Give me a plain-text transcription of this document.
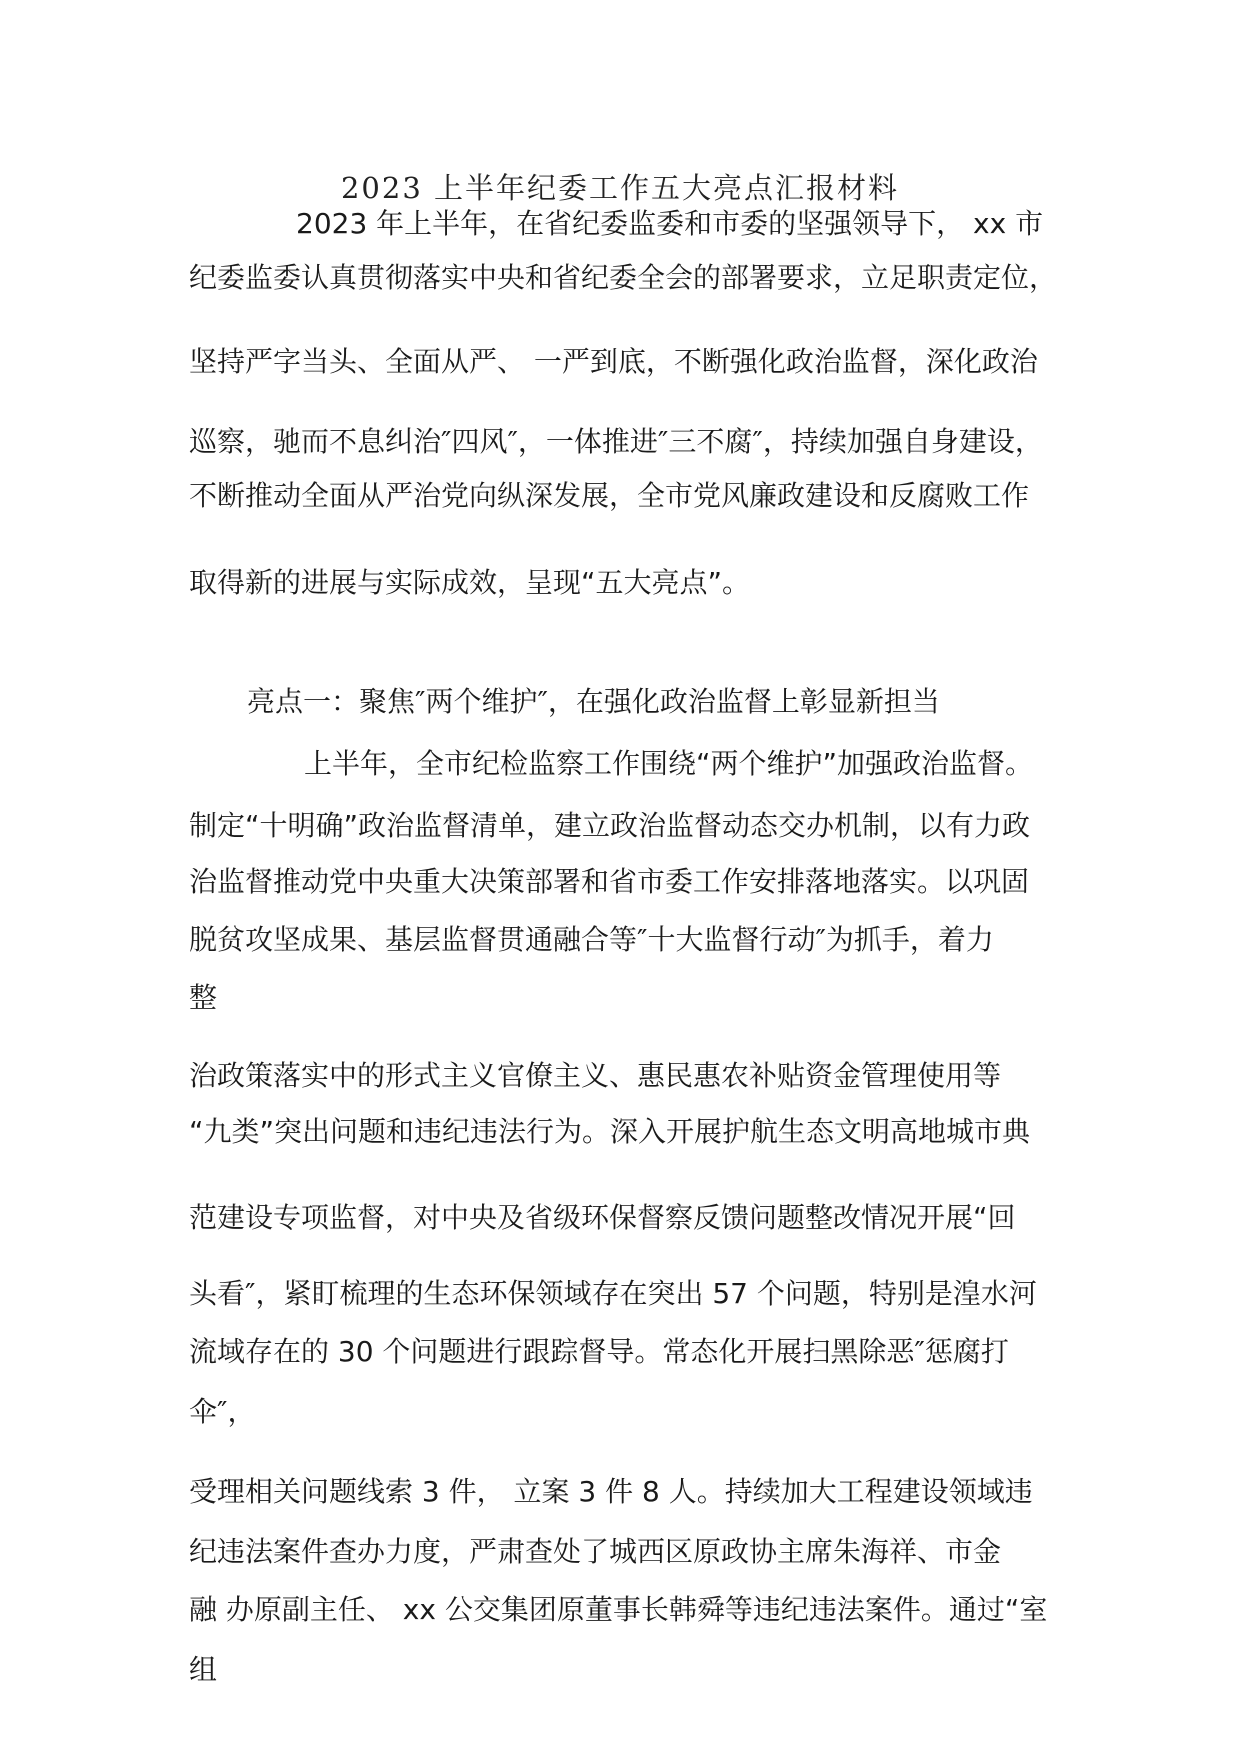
2023 上半年纪委工作五大亮点汇报材料
2023 年上半年，在省纪委监委和市委的坚强领导下， xx 市
纪委监委认真贯彻落实中央和省纪委全会的部署要求，立足职责定位，
坚持严字当头、全面从严、 一严到底，不断强化政治监督，深化政治
巡察，驰而不息纠治″四风″，一体推进″三不腐″，持续加强自身建设，
不断推动全面从严治党向纵深发展，全市党风廉政建设和反腐败工作
取得新的进展与实际成效，呈现“五大亮点”。
亮点一：聚焦″两个维护″，在强化政治监督上彰显新担当
上半年，全市纪检监察工作围绕“两个维护”加强政治监督。
制定“十明确”政治监督清单，建立政治监督动态交办机制，以有力政
治监督推动党中央重大决策部署和省市委工作安排落地落实。以巩固
脱贫攻坚成果、基层监督贯通融合等″十大监督行动″为抓手，着力
整
治政策落实中的形式主义官僚主义、惠民惠农补贴资金管理使用等
“九类”突出问题和违纪违法行为。深入开展护航生态文明高地城市典
范建设专项监督，对中央及省级环保督察反馈问题整改情况开展“回
头看″，紧盯梳理的生态环保领域存在突出 57 个问题，特别是湟水河
流域存在的 30 个问题进行跟踪督导。常态化开展扫黑除恶″惩腐打
伞″，
受理相关问题线索 3 件， 立案 3 件 8 人。持续加大工程建设领域违
纪违法案件查办力度，严肃查处了城西区原政协主席朱海祥、市金
融 办原副主任、 xx 公交集团原董事长韩舜等违纪违法案件。通过“室
组
